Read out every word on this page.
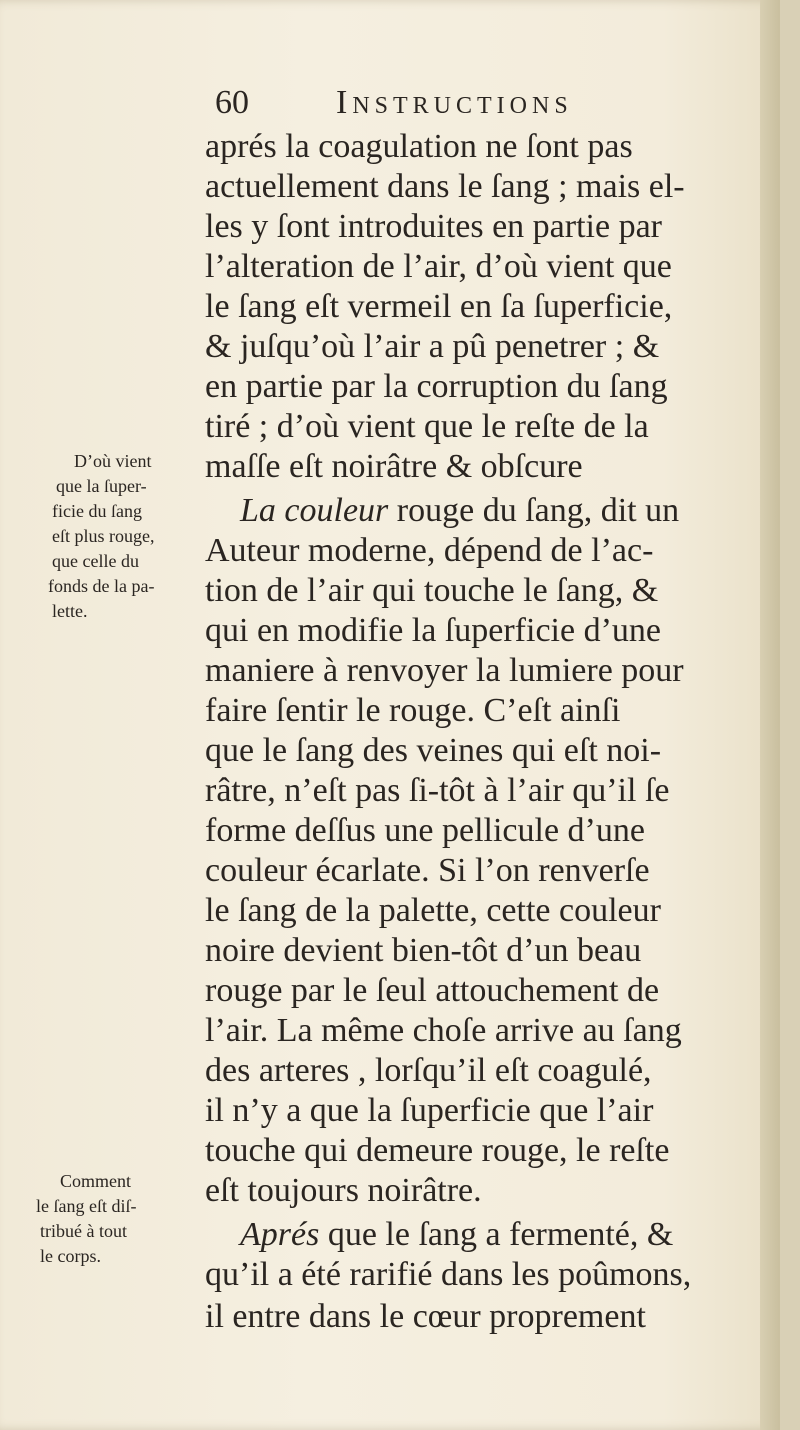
60	Instructions
aprés la coagulation ne ſont pas
actuellement dans le ſang ; mais el-
les y ſont introduites en partie par
l’alteration de l’air, d’où vient que
le ſang eſt vermeil en ſa ſuperficie,
& juſqu’où l’air a pû penetrer ; &
en partie par la corruption du ſang
tiré ; d’où vient que le reſte de la
maſſe eſt noirâtre & obſcure
La couleur rouge du ſang, dit un
Auteur moderne, dépend de l’ac-
tion de l’air qui touche le ſang, &
qui en modifie la ſuperficie d’une
maniere à renvoyer la lumiere pour
faire ſentir le rouge. C’eſt ainſi
que le ſang des veines qui eſt noi-
râtre, n’eſt pas ſi-tôt à l’air qu’il ſe
forme deſſus une pellicule d’une
couleur écarlate. Si l’on renverſe
le ſang de la palette, cette couleur
noire devient bien-tôt d’un beau
rouge par le ſeul attouchement de
l’air. La même choſe arrive au ſang
des arteres , lorſqu’il eſt coagulé,
il n’y a que la ſuperficie que l’air
touche qui demeure rouge, le reſte
eſt toujours noirâtre.
Aprés que le ſang a fermenté, &
qu’il a été rarifié dans les poûmons,
il entre dans le cœur proprement
D’où vient
que la ſuper-
ficie du ſang
eſt plus rouge,
que celle du
fonds de la pa-
lette.
Comment
le ſang eſt diſ-
tribué à tout
le corps.
